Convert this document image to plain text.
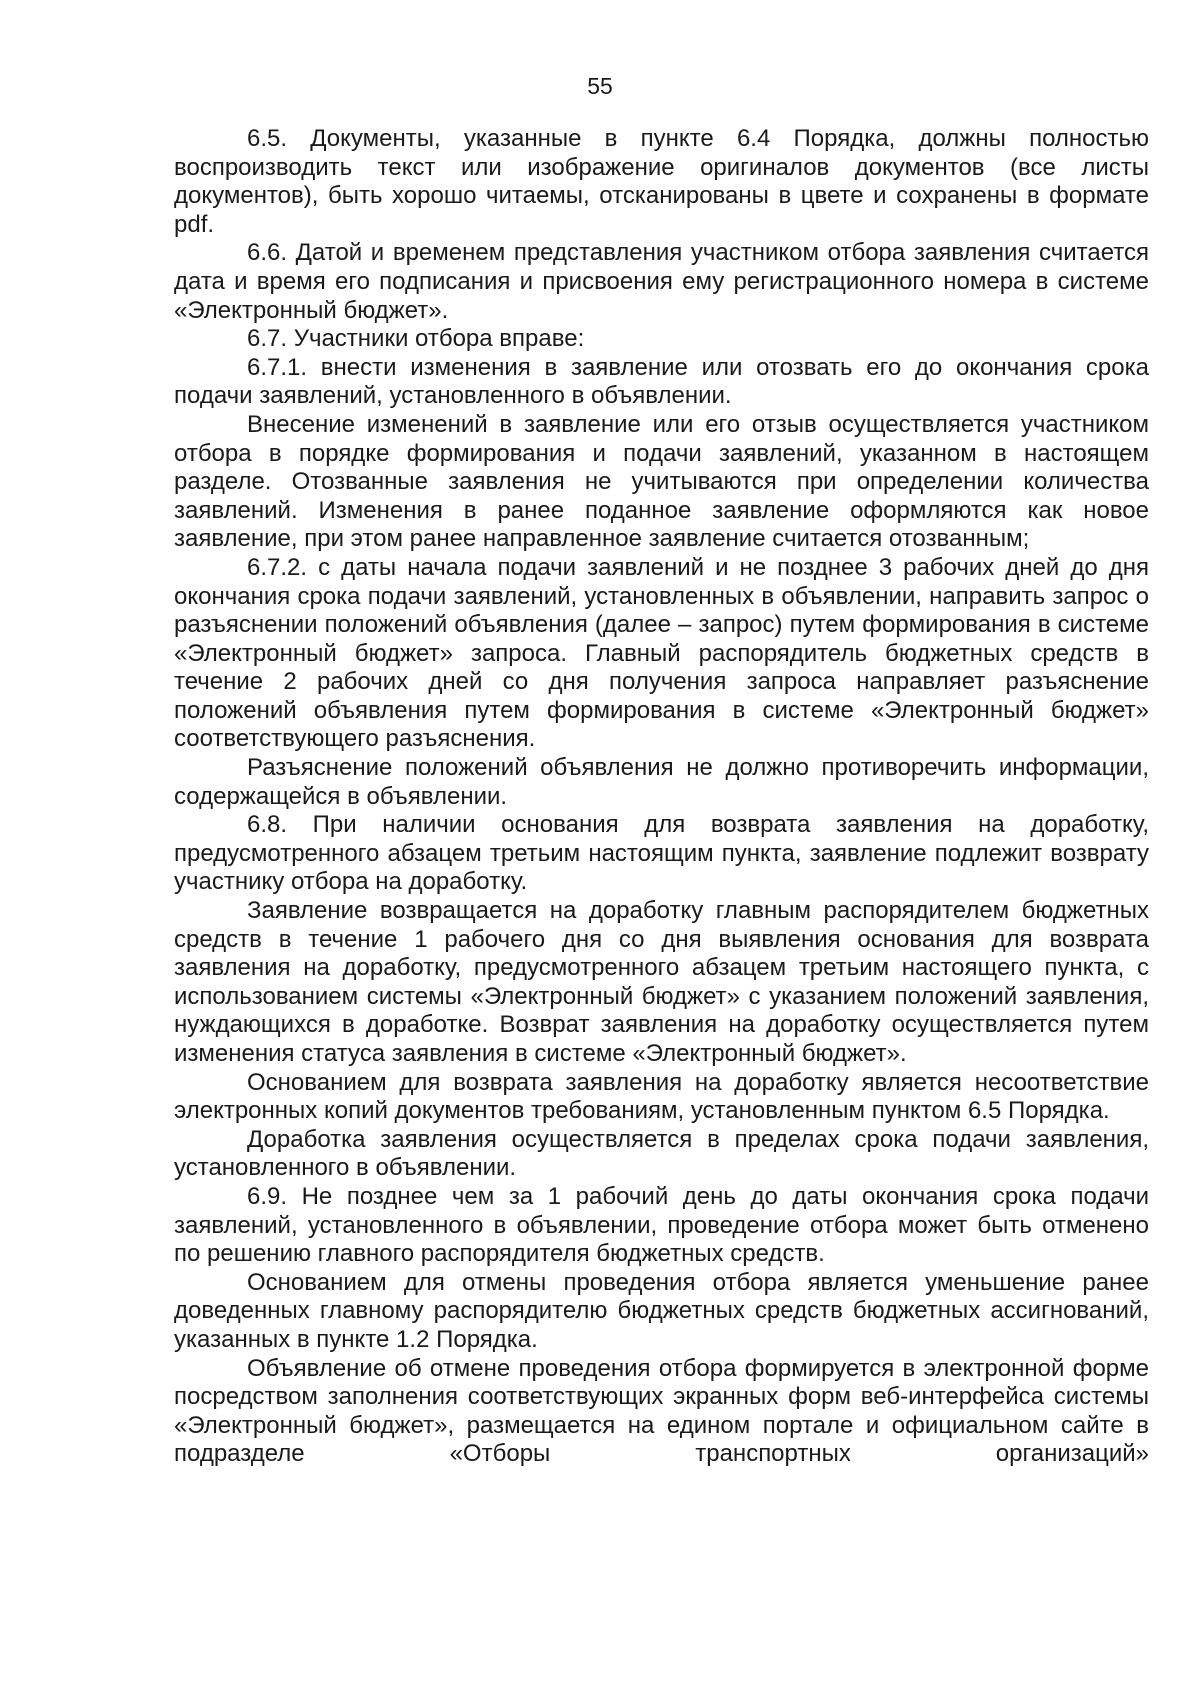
55

6.5. Документы, указанные в пункте 6.4 Порядка, должны полностью воспроизводить текст или изображение оригиналов документов (все листы документов), быть хорошо читаемы, отсканированы в цвете и сохранены в формате pdf.

6.6. Датой и временем представления участником отбора заявления считается дата и время его подписания и присвоения ему регистрационного номера в системе «Электронный бюджет».

6.7. Участники отбора вправе:

6.7.1. внести изменения в заявление или отозвать его до окончания срока подачи заявлений, установленного в объявлении.

Внесение изменений в заявление или его отзыв осуществляется участником отбора в порядке формирования и подачи заявлений, указанном в настоящем разделе. Отозванные заявления не учитываются при определении количества заявлений. Изменения в ранее поданное заявление оформляются как новое заявление, при этом ранее направленное заявление считается отозванным;

6.7.2. с даты начала подачи заявлений и не позднее 3 рабочих дней до дня окончания срока подачи заявлений, установленных в объявлении, направить запрос о разъяснении положений объявления (далее – запрос) путем формирования в системе «Электронный бюджет» запроса. Главный распорядитель бюджетных средств в течение 2 рабочих дней со дня получения запроса направляет разъяснение положений объявления путем формирования в системе «Электронный бюджет» соответствующего разъяснения.

Разъяснение положений объявления не должно противоречить информации, содержащейся в объявлении.

6.8. При наличии основания для возврата заявления на доработку, предусмотренного абзацем третьим настоящим пункта, заявление подлежит возврату участнику отбора на доработку.

Заявление возвращается на доработку главным распорядителем бюджетных средств в течение 1 рабочего дня со дня выявления основания для возврата заявления на доработку, предусмотренного абзацем третьим настоящего пункта, с использованием системы «Электронный бюджет» с указанием положений заявления, нуждающихся в доработке. Возврат заявления на доработку осуществляется путем изменения статуса заявления в системе «Электронный бюджет».

Основанием для возврата заявления на доработку является несоответствие электронных копий документов требованиям, установленным пунктом 6.5 Порядка.

Доработка заявления осуществляется в пределах срока подачи заявления, установленного в объявлении.

6.9. Не позднее чем за 1 рабочий день до даты окончания срока подачи заявлений, установленного в объявлении, проведение отбора может быть отменено по решению главного распорядителя бюджетных средств.

Основанием для отмены проведения отбора является уменьшение ранее доведенных главному распорядителю бюджетных средств бюджетных ассигнований, указанных в пункте 1.2 Порядка.

Объявление об отмене проведения отбора формируется в электронной форме посредством заполнения соответствующих экранных форм веб-интерфейса системы «Электронный бюджет», размещается на едином портале и официальном сайте в подразделе «Отборы транспортных организаций»
